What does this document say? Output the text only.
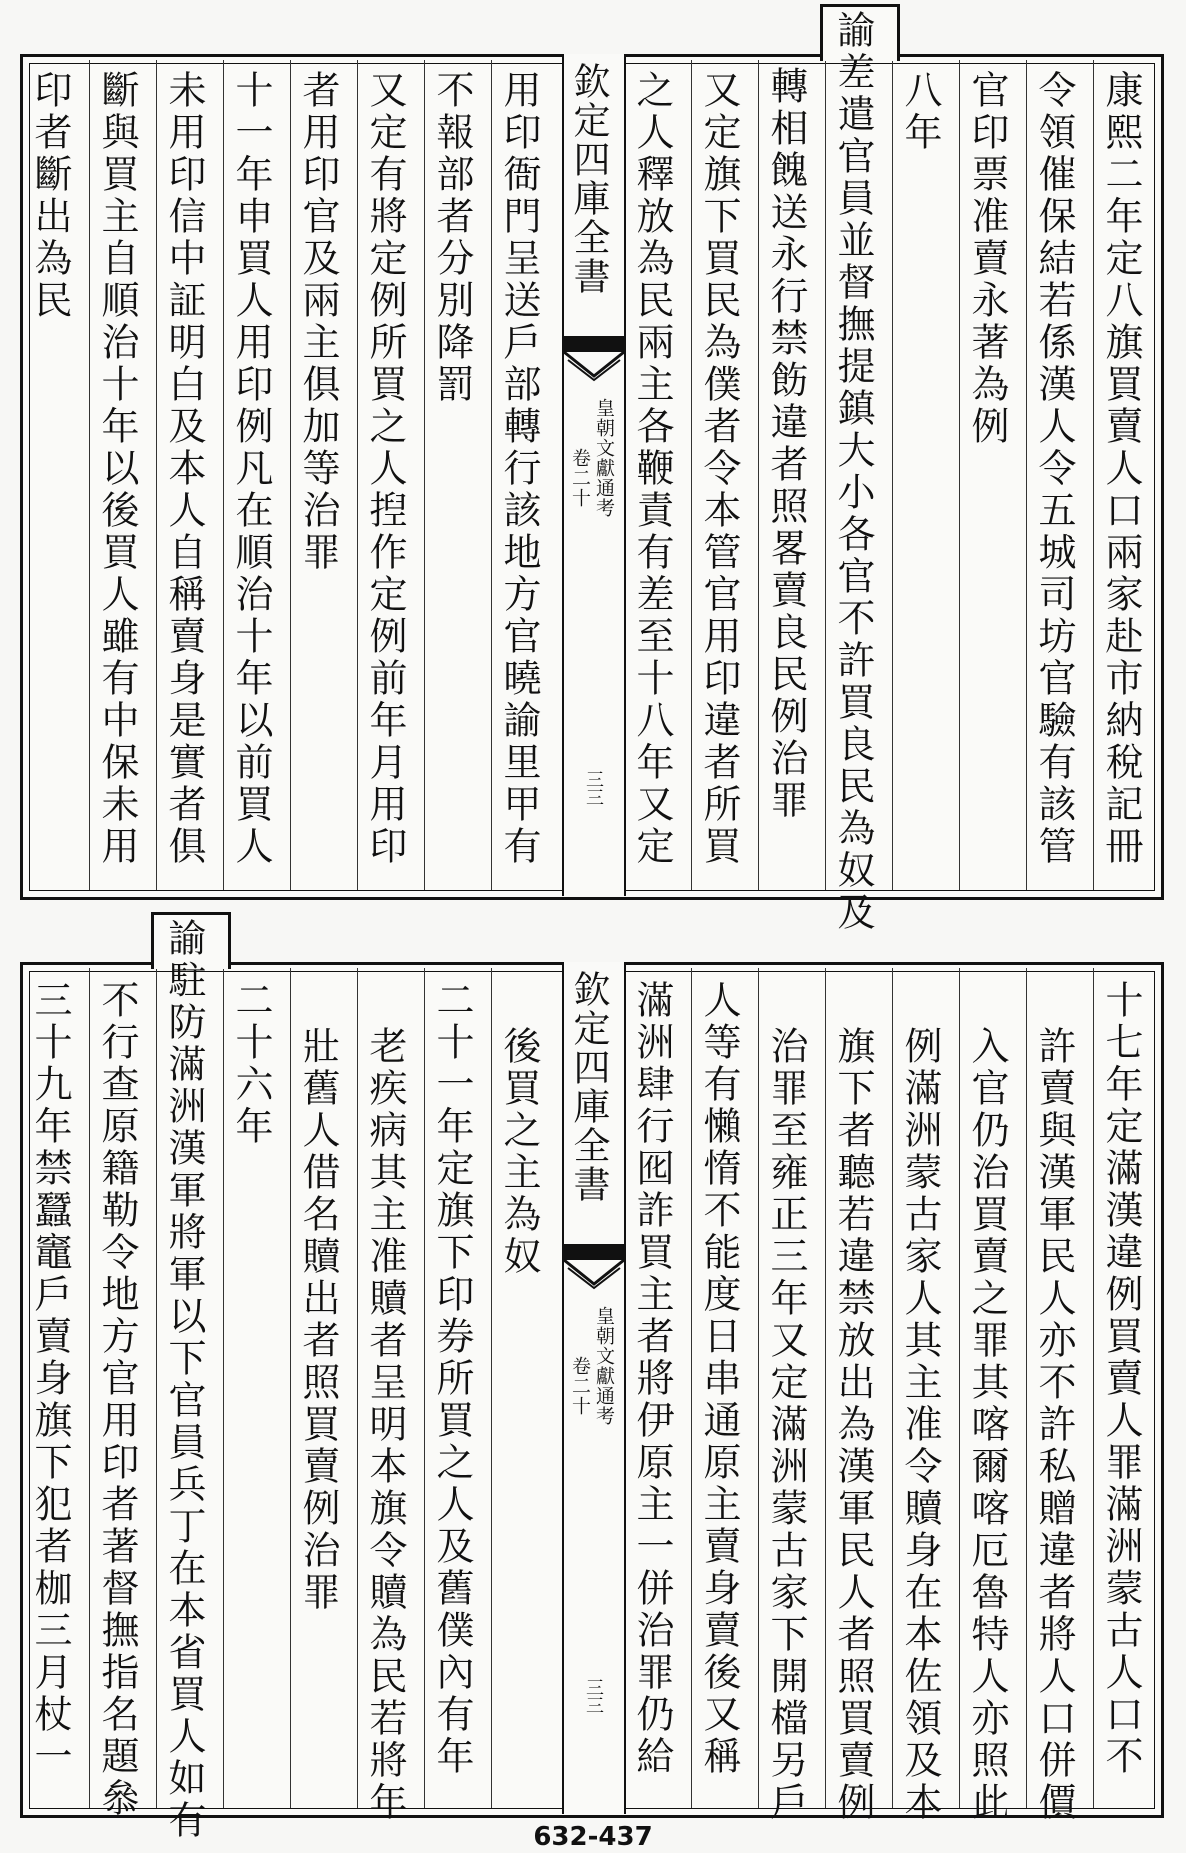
欽定四庫全書
皇朝文獻通考
卷二十
三三	康熙二年定八旗買賣人口兩家赴市納稅記冊
令領催保結若係漢人令五城司坊官驗有該管
官印票准賣永著為例
八年
諭差遣官員並督撫提鎮大小各官不許買良民為奴及
轉相餽送永行禁飭違者照畧賣良民例治罪
又定旗下買民為僕者令本管官用印違者所買
之人釋放為民兩主各鞭責有差至十八年又定
用印衙門呈送戶部轉行該地方官曉諭里甲有
不報部者分別降罰
又定有將定例所買之人揑作定例前年月用印
者用印官及兩主俱加等治罪
十一年申買人用印例凡在順治十年以前買人
未用印信中証明白及本人自稱賣身是實者俱
斷與買主自順治十年以後買人雖有中保未用
印者斷出為民
欽定四庫全書
皇朝文獻通考
卷二十
三三	十七年定滿漢違例買賣人罪滿洲蒙古人口不
許賣與漢軍民人亦不許私贈違者將人口併價
入官仍治買賣之罪其喀爾喀厄魯特人亦照此
例滿洲蒙古家人其主准令贖身在本佐領及本
旗下者聽若違禁放出為漢軍民人者照買賣例
治罪至雍正三年又定滿洲蒙古家下開檔另戶
人等有懶惰不能度日串通原主賣身賣後又稱
滿洲肆行囮詐買主者將伊原主一併治罪仍給
後買之主為奴
二十一年定旗下印券所買之人及舊僕內有年
老疾病其主准贖者呈明本旗令贖為民若將年
壯舊人借名贖出者照買賣例治罪
二十六年
諭駐防滿洲漢軍將軍以下官員兵丁在本省買人如有
不行查原籍勒令地方官用印者著督撫指名題叅
三十九年禁蠶竈戶賣身旗下犯者枷三月杖一
632-437
